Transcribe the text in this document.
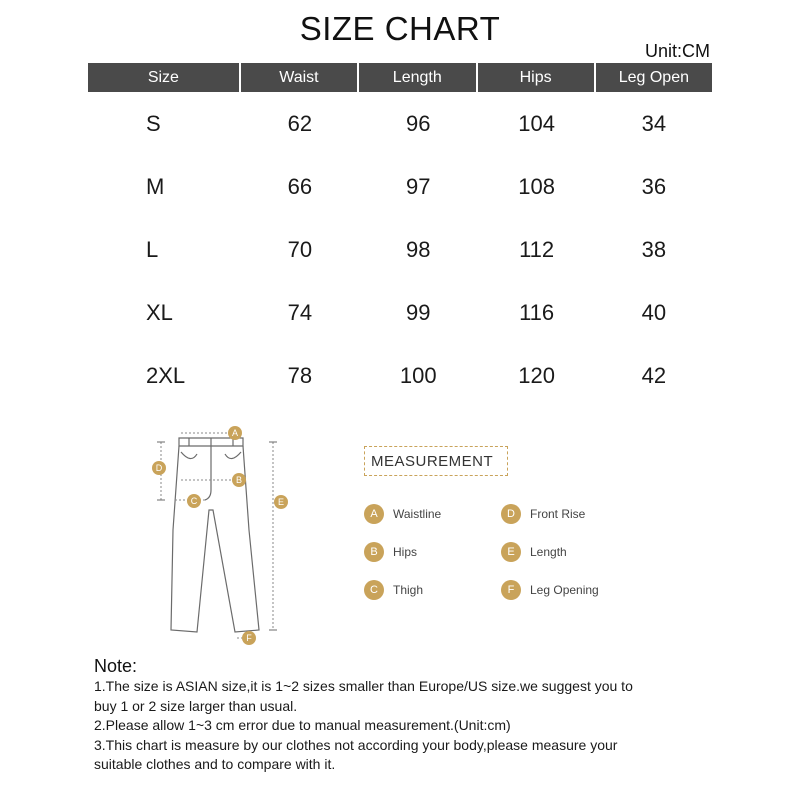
SIZE CHART
Unit:CM
Size	Waist	Length	Hips	Leg Open
S	62	96	104	34
M	66	97	108	36
L	70	98	112	38
XL	74	99	116	40
2XL	78	100	120	42
A
B
C
D
E
F
MEASUREMENT
A	Waistline
B	Hips
C	Thigh
D	Front Rise
E	Length
F	Leg Opening
Note:
1.The size is ASIAN size,it is 1~2 sizes smaller than Europe/US size.we suggest you to
buy 1 or 2 size larger than usual.
2.Please allow 1~3 cm error due to manual measurement.(Unit:cm)
3.This chart is measure by our clothes not according your body,please measure your
suitable clothes and to compare with it.
